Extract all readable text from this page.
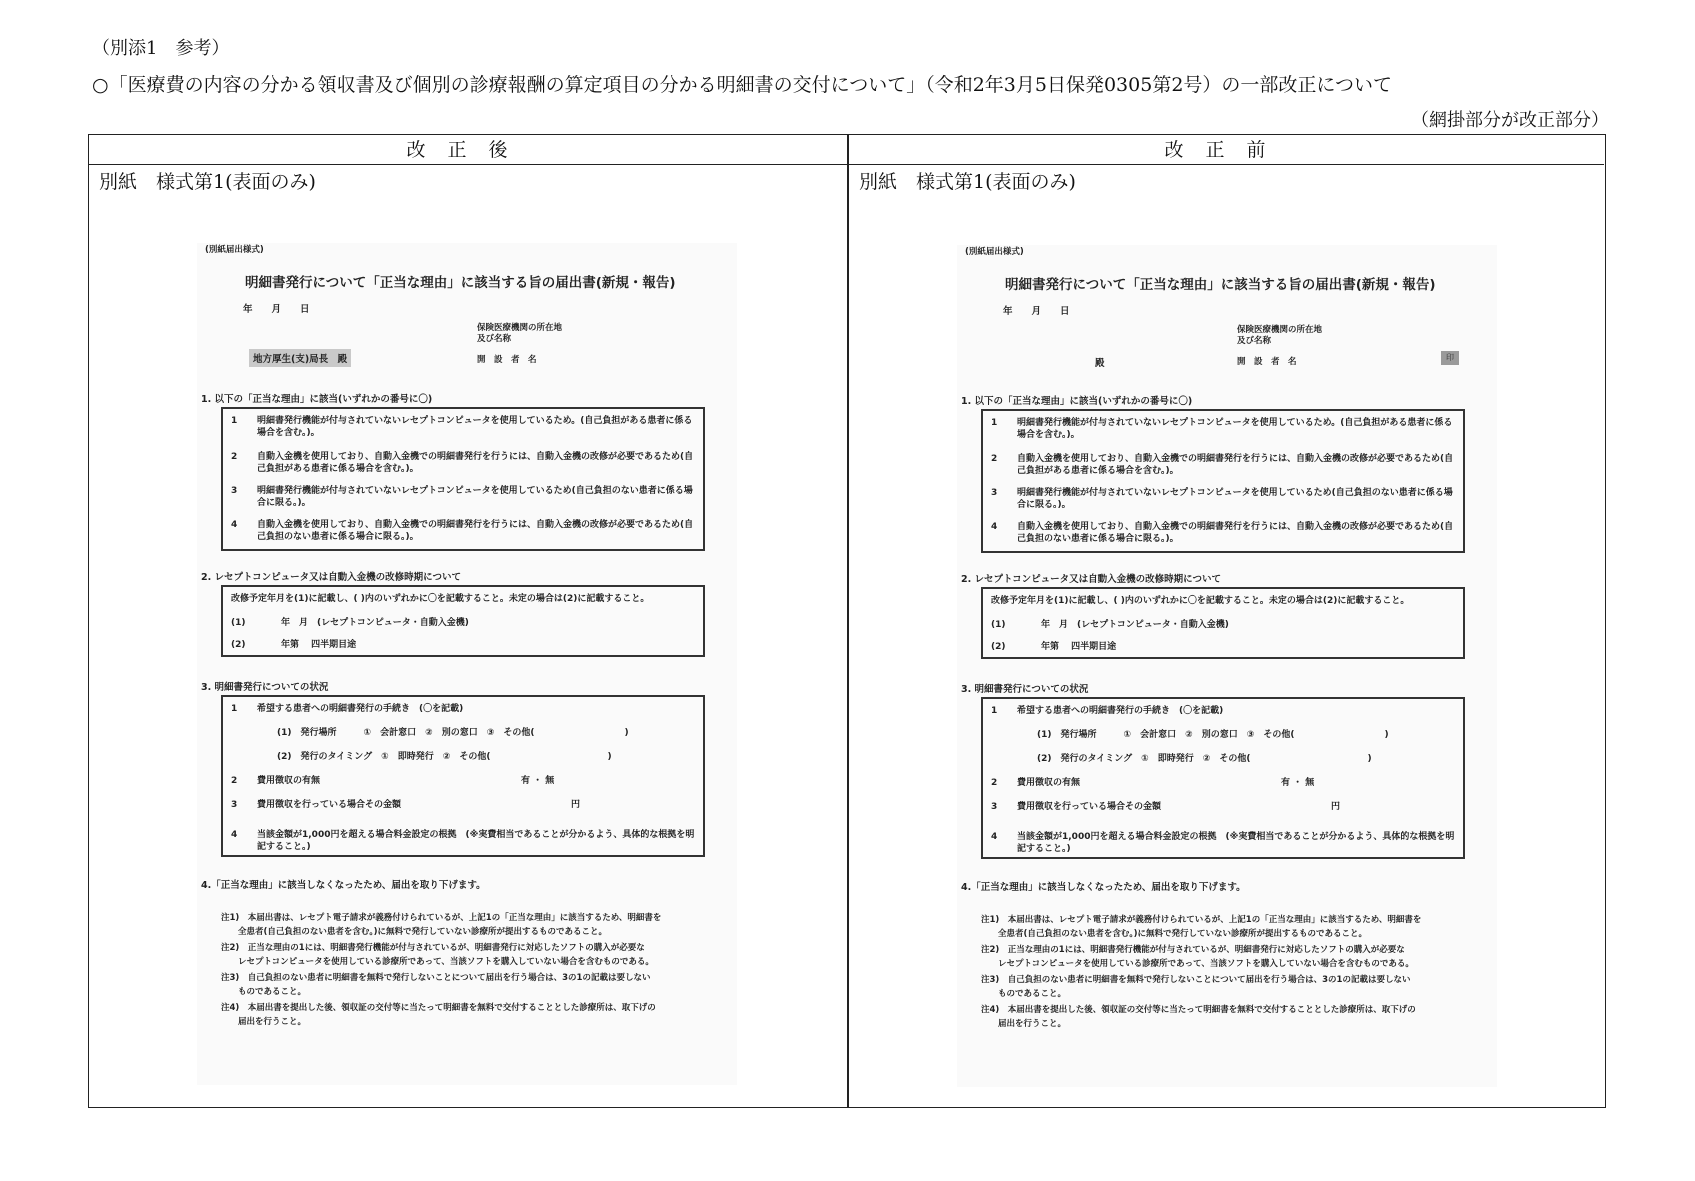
（別添1　参考）
○「医療費の内容の分かる領収書及び個別の診療報酬の算定項目の分かる明細書の交付について」（令和2年3月5日保発0305第2号）の一部改正について
（網掛部分が改正部分）
改正後	改正前
別紙　様式第1(表面のみ)	別紙　様式第1(表面のみ)
(別紙届出様式)
明細書発行について「正当な理由」に該当する旨の届出書(新規・報告)
年　　月　　日
保険医療機関の所在地
及び名称
地方厚生(支)局長　殿	開　設　者　名
1. 以下の「正当な理由」に該当(いずれかの番号に〇)
1	明細書発行機能が付与されていないレセプトコンピュータを使用しているため。(自己負担がある患者に係る場合を含む。)。
2	自動入金機を使用しており、自動入金機での明細書発行を行うには、自動入金機の改修が必要であるため(自己負担がある患者に係る場合を含む。)。
3	明細書発行機能が付与されていないレセプトコンピュータを使用しているため(自己負担のない患者に係る場合に限る。)。
4	自動入金機を使用しており、自動入金機での明細書発行を行うには、自動入金機の改修が必要であるため(自己負担のない患者に係る場合に限る。)。
2. レセプトコンピュータ又は自動入金機の改修時期について
改修予定年月を(1)に記載し、( )内のいずれかに〇を記載すること。未定の場合は(2)に記載すること。
(1)	年　月　(レセプトコンピュータ・自動入金機)
(2)	年第　 四半期目途
3. 明細書発行についての状況
1	希望する患者への明細書発行の手続き　(〇を記載)
(1)　発行場所　　　①　会計窓口　②　別の窓口　③　その他(　　　　　　　　　　)
(2)　発行のタイミング　①　即時発行　②　その他(　　　　　　　　　　　　　)
2	費用徴収の有無	有 ・ 無
3	費用徴収を行っている場合その金額	円
4	当該金額が1,000円を超える場合料金設定の根拠　(※実費相当であることが分かるよう、具体的な根拠を明記すること。)
4.「正当な理由」に該当しなくなったため、届出を取り下げます。
注1)　本届出書は、レセプト電子請求が義務付けられているが、上記1の「正当な理由」に該当するため、明細書を
　　全患者(自己負担のない患者を含む。)に無料で発行していない診療所が提出するものであること。
注2)　正当な理由の1には、明細書発行機能が付与されているが、明細書発行に対応したソフトの購入が必要な
　　レセプトコンピュータを使用している診療所であって、当該ソフトを購入していない場合を含むものである。
注3)　自己負担のない患者に明細書を無料で発行しないことについて届出を行う場合は、3の1の記載は要しない
　　ものであること。
注4)　本届出書を提出した後、領収証の交付等に当たって明細書を無料で交付することとした診療所は、取下げの
　　届出を行うこと。
(別紙届出様式)
明細書発行について「正当な理由」に該当する旨の届出書(新規・報告)
年　　月　　日
保険医療機関の所在地
及び名称
殿	開　設　者　名	印
1. 以下の「正当な理由」に該当(いずれかの番号に〇)
1	明細書発行機能が付与されていないレセプトコンピュータを使用しているため。(自己負担がある患者に係る場合を含む。)。
2	自動入金機を使用しており、自動入金機での明細書発行を行うには、自動入金機の改修が必要であるため(自己負担がある患者に係る場合を含む。)。
3	明細書発行機能が付与されていないレセプトコンピュータを使用しているため(自己負担のない患者に係る場合に限る。)。
4	自動入金機を使用しており、自動入金機での明細書発行を行うには、自動入金機の改修が必要であるため(自己負担のない患者に係る場合に限る。)。
2. レセプトコンピュータ又は自動入金機の改修時期について
改修予定年月を(1)に記載し、( )内のいずれかに〇を記載すること。未定の場合は(2)に記載すること。
(1)	年　月　(レセプトコンピュータ・自動入金機)
(2)	年第　 四半期目途
3. 明細書発行についての状況
1	希望する患者への明細書発行の手続き　(〇を記載)
(1)　発行場所　　　①　会計窓口　②　別の窓口　③　その他(　　　　　　　　　　)
(2)　発行のタイミング　①　即時発行　②　その他(　　　　　　　　　　　　　)
2	費用徴収の有無	有 ・ 無
3	費用徴収を行っている場合その金額	円
4	当該金額が1,000円を超える場合料金設定の根拠　(※実費相当であることが分かるよう、具体的な根拠を明記すること。)
4.「正当な理由」に該当しなくなったため、届出を取り下げます。
注1)　本届出書は、レセプト電子請求が義務付けられているが、上記1の「正当な理由」に該当するため、明細書を
　　全患者(自己負担のない患者を含む。)に無料で発行していない診療所が提出するものであること。
注2)　正当な理由の1には、明細書発行機能が付与されているが、明細書発行に対応したソフトの購入が必要な
　　レセプトコンピュータを使用している診療所であって、当該ソフトを購入していない場合を含むものである。
注3)　自己負担のない患者に明細書を無料で発行しないことについて届出を行う場合は、3の1の記載は要しない
　　ものであること。
注4)　本届出書を提出した後、領収証の交付等に当たって明細書を無料で交付することとした診療所は、取下げの
　　届出を行うこと。
